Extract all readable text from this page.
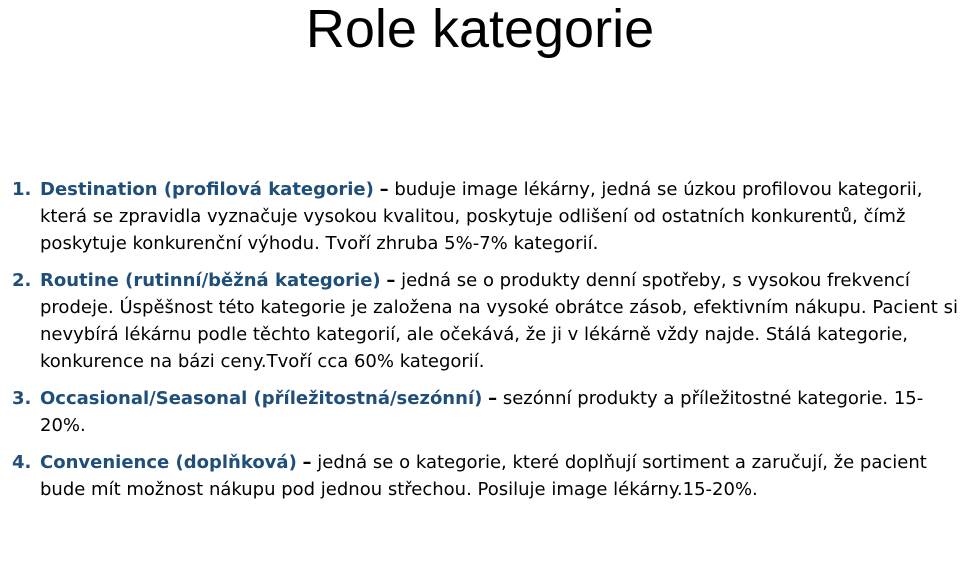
Role kategorie
1. Destination (profilová kategorie) – buduje image lékárny, jedná se úzkou profilovou kategorii, která se zpravidla vyznačuje vysokou kvalitou, poskytuje odlišení od ostatních konkurentů, čímž poskytuje konkurenční výhodu. Tvoří zhruba 5%-7% kategorií.
2. Routine (rutinní/běžná kategorie) – jedná se o produkty denní spotřeby, s vysokou frekvencí prodeje. Úspěšnost této kategorie je založena na vysoké obrátce zásob, efektivním nákupu. Pacient si nevybírá lékárnu podle těchto kategorií, ale očekává, že ji v lékárně vždy najde. Stálá kategorie, konkurence na bázi ceny.Tvoří cca 60% kategorií.
3. Occasional/Seasonal (příležitostná/sezónní) – sezónní produkty a příležitostné kategorie. 15-20%.
4. Convenience (doplňková) – jedná se o kategorie, které doplňují sortiment a zaručují, že pacient bude mít možnost nákupu pod jednou střechou. Posiluje image lékárny.15-20%.
